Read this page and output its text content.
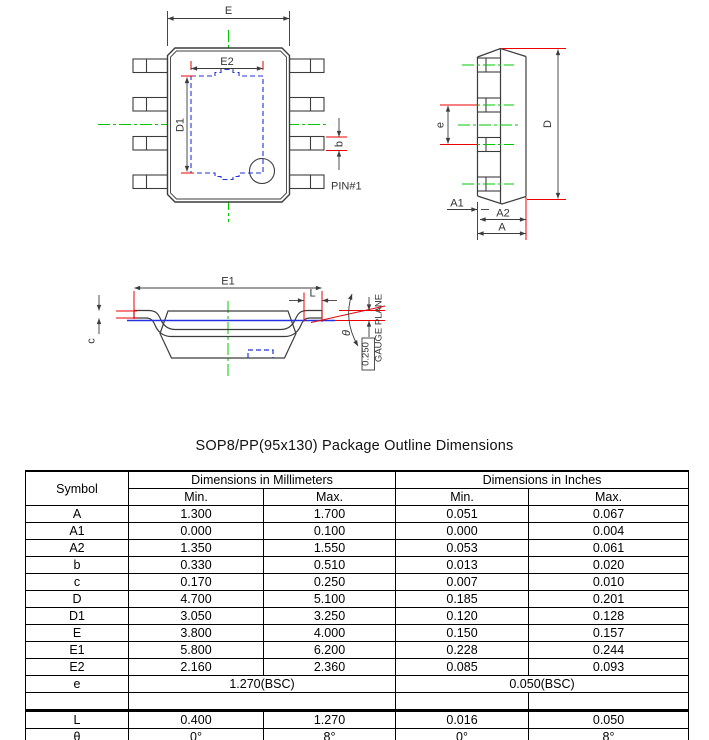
E
E2
D1
b
PIN#1
e	D
A1
A2
A
E1
L
c
θ
0.250 GAUGE PLANE
SOP8/PP(95x130) Package Outline Dimensions
Symbol	Dimensions in Millimeters		Dimensions in Inches	
	Min.	Max.	Min.	Max.
A	1.300	1.700	0.051	0.067
A1	0.000	0.100	0.000	0.004
A2	1.350	1.550	0.053	0.061
b	0.330	0.510	0.013	0.020
c	0.170	0.250	0.007	0.010
D	4.700	5.100	0.185	0.201
D1	3.050	3.250	0.120	0.128
E	3.800	4.000	0.150	0.157
E1	5.800	6.200	0.228	0.244
E2	2.160	2.360	0.085	0.093
e	1.270(BSC)		0.050(BSC)	

L	0.400	1.270	0.016	0.050
θ	0°	8°	0°	8°
